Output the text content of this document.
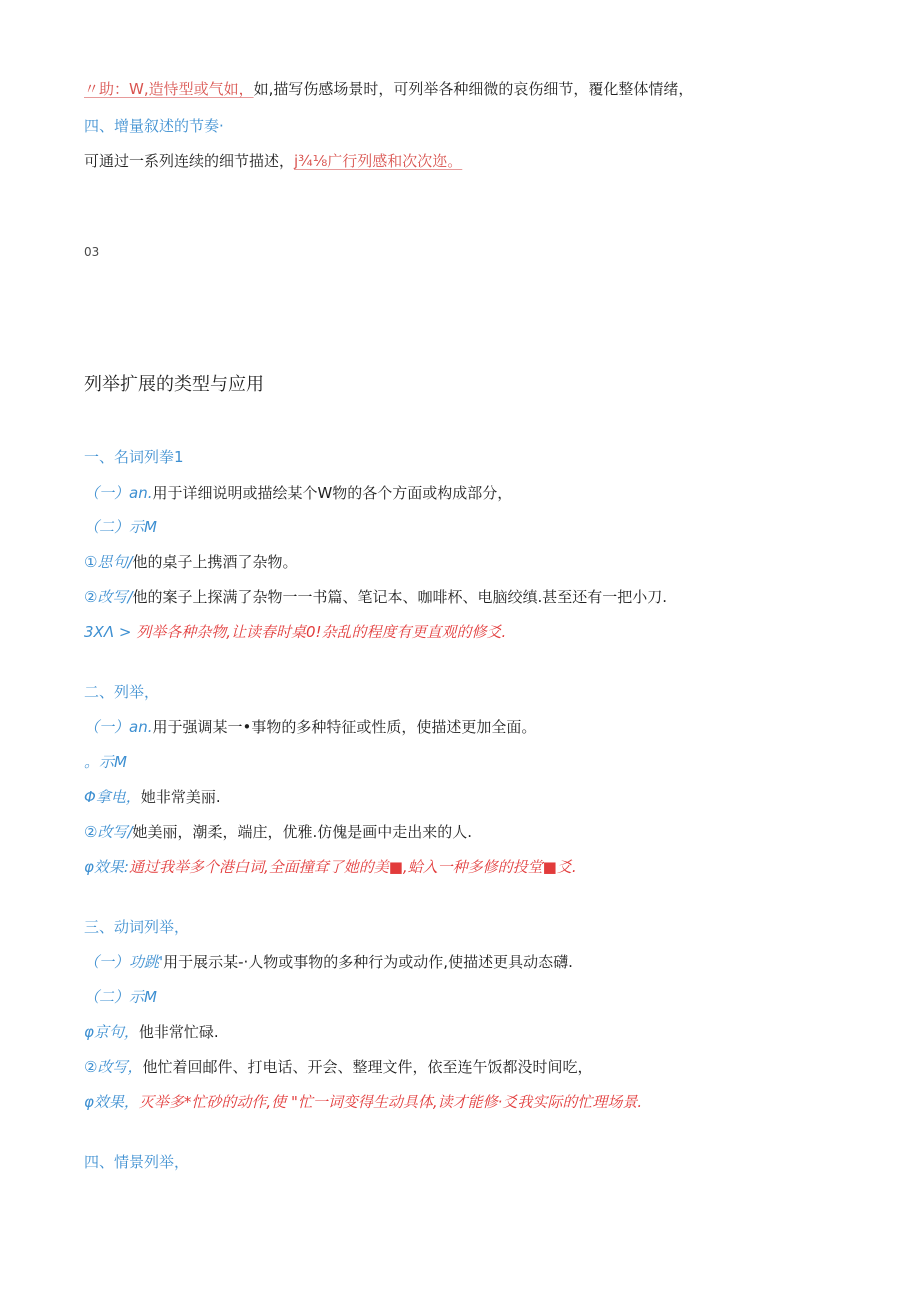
〃助：W,造恃型或气如，如,描写伤感场景时，可列举各种细微的哀伤细节，覆化整体情绪，
四、增量叙述的节奏·
可通过一系列连续的细节描述，j¾⅛广行列感和次次迩。
03
列举扩展的类型与应用
一、名词列拳1
（一）an.用于详细说明或描绘某个W物的各个方面或构成部分，
（二）示M
①思句/他的桌子上携酒了杂物。
②改写/他的案子上探满了杂物一一书篇、笔记本、咖啡杯、电脑绞缜.甚至还有一把小刀.
3XΛ > 列举各种杂物,让读春时桌0!杂乱的程度有更直观的修爻.
二、列举，
（一）an.用于强调某一•事物的多种特征或性质，使描述更加全面。
。示M
Φ拿电，她非常美丽.
②改写/她美丽，潮柔，端庄，优雅.仿傀是画中走出来的人.
φ效果:通过我举多个港白词,全面撞耷了她的美■,蛤入一种多修的投堂■爻.
三、动词列举，
（一）功跳'用于展示某-·人物或事物的多种行为或动作,使描述更具动态礴.
（二）示M
φ京句，他非常忙碌.
②改写，他忙着回邮件、打电话、开会、整理文件，依至连午饭都没时间吃，
φ效果，灭举多*忙砂的动作,使 "忙一词变得生动具体,读才能修·爻我实际的忙理场景.
四、情景列举，
